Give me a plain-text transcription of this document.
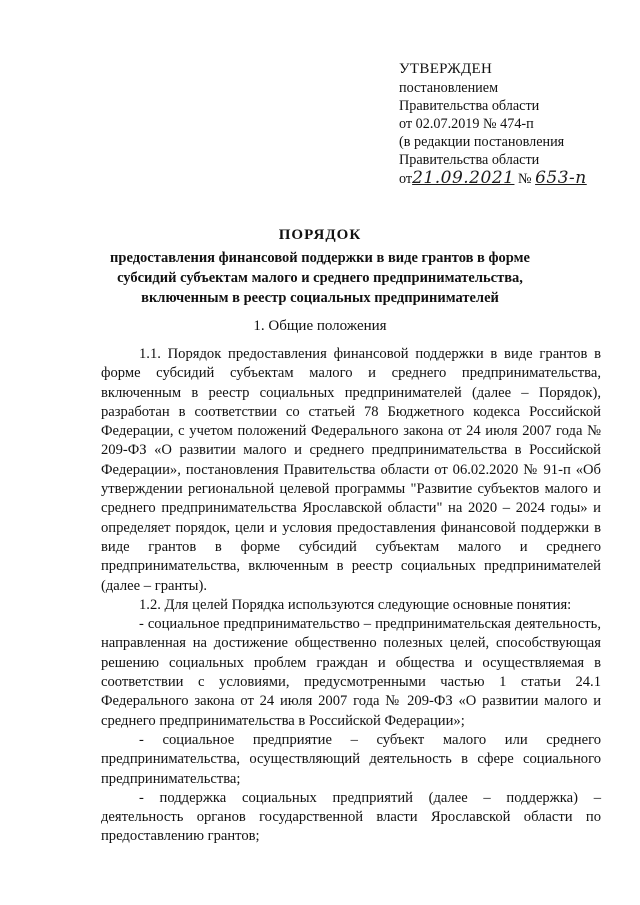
УТВЕРЖДЕН
постановлением
Правительства области
от 02.07.2019 № 474-п
(в редакции постановления
Правительства области
от21.09.2021 № 653-п
ПОРЯДОК
предоставления финансовой поддержки в виде грантов в форме субсидий субъектам малого и среднего предпринимательства, включенным в реестр социальных предпринимателей
1. Общие положения

1.1. Порядок предоставления финансовой поддержки в виде грантов в форме субсидий субъектам малого и среднего предпринимательства, включенным в реестр социальных предпринимателей (далее – Порядок), разработан в соответствии со статьей 78 Бюджетного кодекса Российской Федерации, с учетом положений Федерального закона от 24 июля 2007 года № 209-ФЗ «О развитии малого и среднего предпринимательства в Российской Федерации», постановления Правительства области от 06.02.2020 № 91-п «Об утверждении региональной целевой программы "Развитие субъектов малого и среднего предпринимательства Ярославской области" на 2020 – 2024 годы» и определяет порядок, цели и условия предоставления финансовой поддержки в виде грантов в форме субсидий субъектам малого и среднего предпринимательства, включенным в реестр социальных предпринимателей (далее – гранты).

1.2. Для целей Порядка используются следующие основные понятия:

- социальное предпринимательство – предпринимательская деятельность, направленная на достижение общественно полезных целей, способствующая решению социальных проблем граждан и общества и осуществляемая в соответствии с условиями, предусмотренными частью 1 статьи 24.1 Федерального закона от 24 июля 2007 года № 209-ФЗ «О развитии малого и среднего предпринимательства в Российской Федерации»;

- социальное предприятие – субъект малого или среднего предпринимательства, осуществляющий деятельность в сфере социального предпринимательства;

- поддержка социальных предприятий (далее – поддержка) – деятельность органов государственной власти Ярославской области по предоставлению грантов;
